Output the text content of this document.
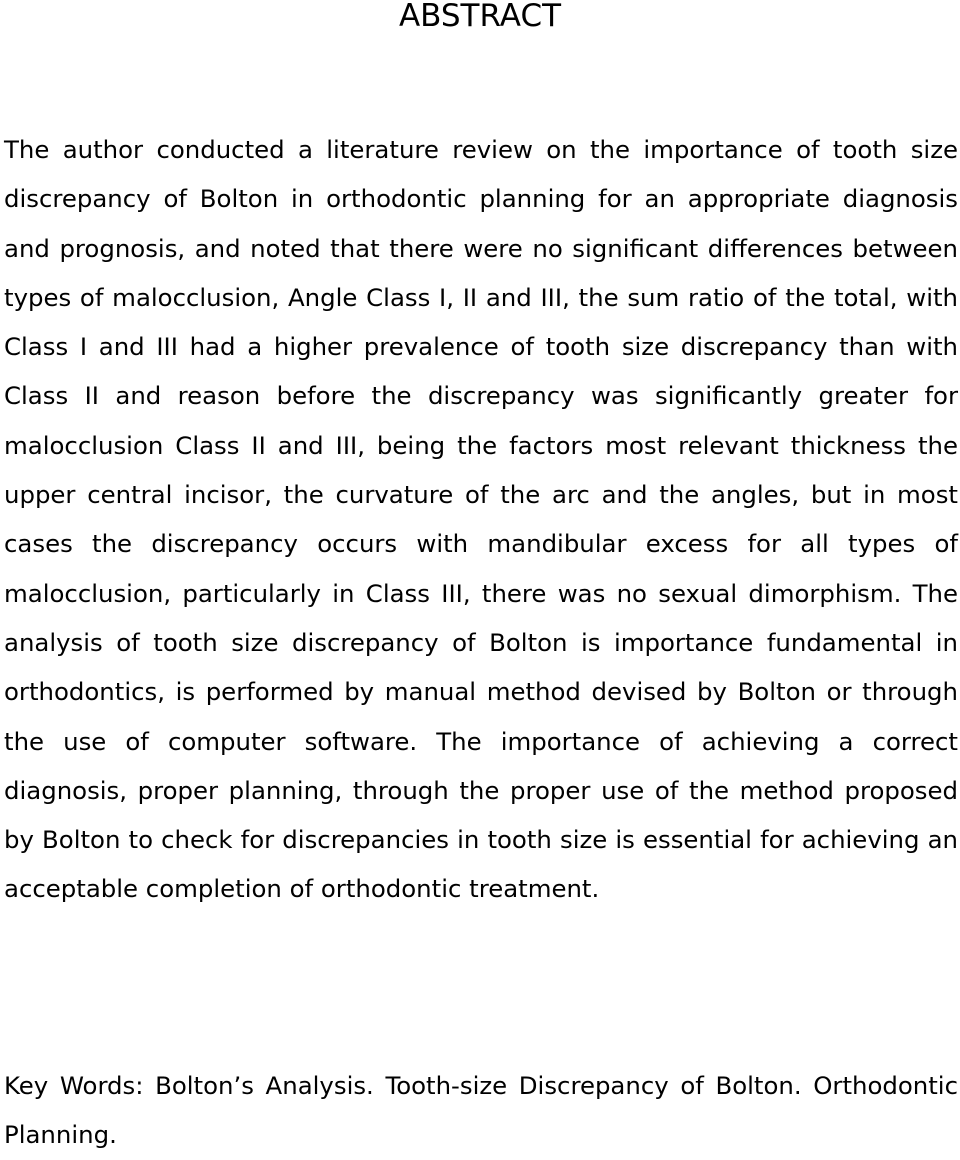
ABSTRACT

The author conducted a literature review on the importance of tooth size discrepancy of Bolton in orthodontic planning for an appropriate diagnosis and prognosis, and noted that there were no significant differences between types of malocclusion, Angle Class I, II and III, the sum ratio of the total, with Class I and III had a higher prevalence of tooth size discrepancy than with Class II and reason before the discrepancy was significantly greater for malocclusion Class II and III, being the factors most relevant thickness the upper central incisor, the curvature of the arc and the angles, but in most cases the discrepancy occurs with mandibular excess for all types of malocclusion, particularly in Class III, there was no sexual dimorphism. The analysis of tooth size discrepancy of Bolton is importance fundamental in orthodontics, is performed by manual method devised by Bolton or through the use of computer software. The importance of achieving a correct diagnosis, proper planning, through the proper use of the method proposed by Bolton to check for discrepancies in tooth size is essential for achieving an acceptable completion of orthodontic treatment.

Key Words: Bolton’s Analysis. Tooth-size Discrepancy of Bolton. Orthodontic Planning.
